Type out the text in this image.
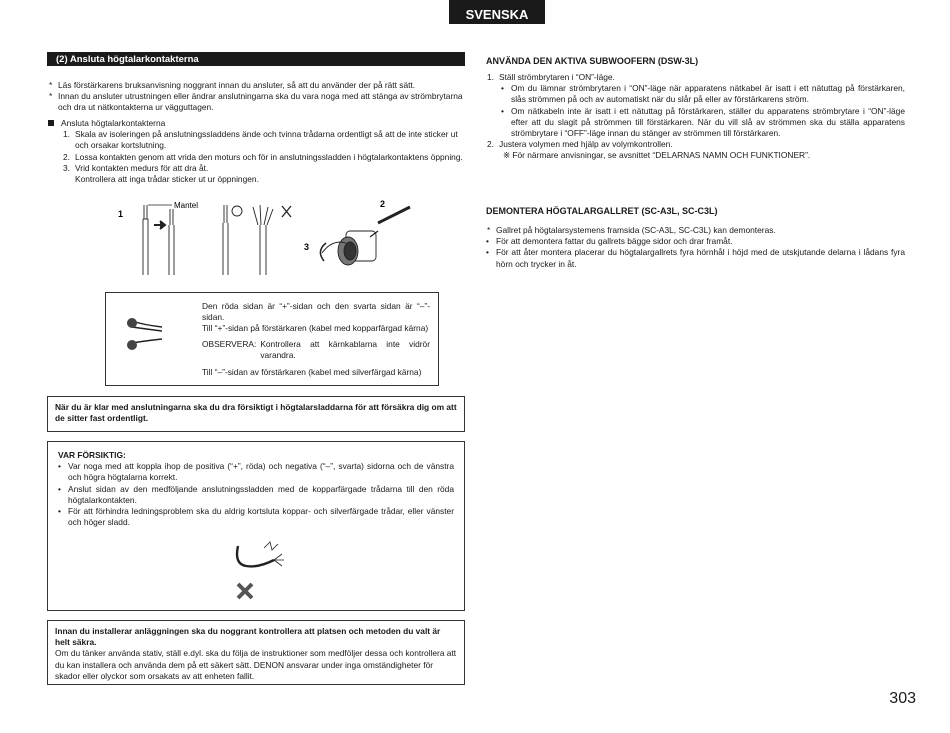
SVENSKA
(2) Ansluta högtalarkontakterna
* Läs förstärkarens bruksanvisning noggrant innan du ansluter, så att du använder der på rätt sätt.
* Innan du ansluter utrustningen eller ändrar anslutningarna ska du vara noga med att stänga av strömbrytarna och dra ut nätkontakterna ur vägguttagen.
Ansluta högtalarkontakterna
1. Skala av isoleringen på anslutningssladdens ände och tvinna trådarna ordentligt så att de inte sticker ut och orsakar kortslutning.
2. Lossa kontakten genom att vrida den moturs och för in anslutningssladden i högtalarkontaktens öppning.
3. Vrid kontakten medurs för att dra åt.
Kontrollera att inga trådar sticker ut ur öppningen.
1
Mantel	2
3
Den röda sidan är “+”-sidan och den svarta sidan är “–”-sidan.
Till “+”-sidan på förstärkaren (kabel med kopparfärgad kärna)
OBSERVERA: Kontrollera att kärnkablarna inte vidrör varandra.
Till “–”-sidan av förstärkaren (kabel med silverfärgad kärna)
När du är klar med anslutningarna ska du dra försiktigt i högtalarsladdarna för att försäkra dig om att de sitter fast ordentligt.
VAR FÖRSIKTIG:
• Var noga med att koppla ihop de positiva (“+”, röda) och negativa (“–”, svarta) sidorna och de vänstra och högra högtalarna korrekt.
• Anslut sidan av den medföljande anslutningssladden med de kopparfärgade trådarna till den röda högtalarkontakten.
• För att förhindra ledningsproblem ska du aldrig kortsluta koppar- och silverfärgade trådar, eller vänster och höger sladd.
Innan du installerar anläggningen ska du noggrant kontrollera att platsen och metoden du valt är helt säkra.
Om du tänker använda stativ, ställ e.dyl. ska du följa de instruktioner som medföljer dessa och kontrollera att du kan installera och använda dem på ett säkert sätt. DENON ansvarar under inga omständigheter för skador eller olyckor som orsakats av att enheten fallit.
ANVÄNDA DEN AKTIVA SUBWOOFERN (DSW-3L)
1. Ställ strömbrytaren i “ON”-läge.
• Om du lämnar strömbrytaren i “ON”-läge när apparatens nätkabel är isatt i ett nätuttag på förstärkaren, slås strömmen på och av automatiskt när du slår på eller av förstärkarens ström.
• Om nätkabeln inte är isatt i ett nätuttag på förstärkaren, ställer du apparatens strömbrytare i “ON”-läge efter att du slagit på strömmen till förstärkaren. När du vill slå av strömmen ska du ställa apparatens strömbrytare i “OFF”-läge innan du stänger av strömmen till förstärkaren.
2. Justera volymen med hjälp av volymkontrollen.
※ För närmare anvisningar, se avsnittet “DELARNAS NAMN OCH FUNKTIONER”.
DEMONTERA HÖGTALARGALLRET (SC-A3L, SC-C3L)
* Gallret på högtalarsystemens framsida (SC-A3L, SC-C3L) kan demonteras.
• För att demontera fattar du gallrets bägge sidor och drar framåt.
• För att åter montera placerar du högtalargallrets fyra hörnhål i höjd med de utskjutande delarna i lådans fyra hörn och trycker in åt.
303
